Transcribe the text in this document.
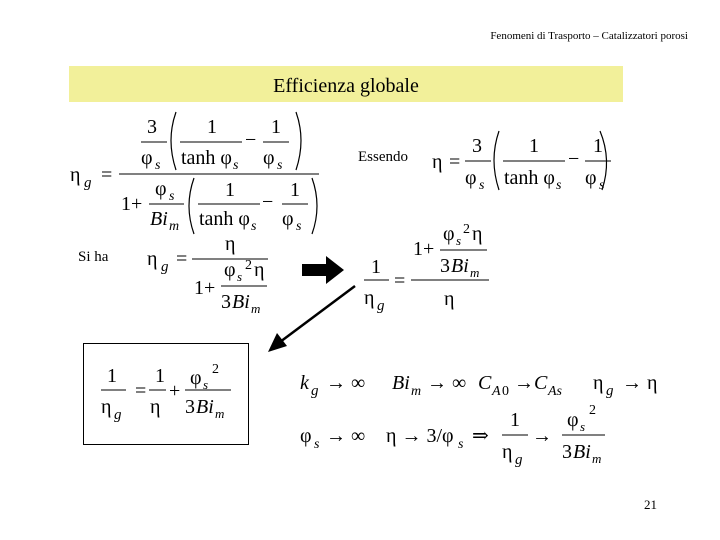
Fenomeni di Trasporto – Catalizzatori porosi
Efficienza globale
Essendo
Si ha
η g =
3
φ s
1
tanh φ s
−
1
φ s
1+
φ s
Bi m
1
tanh φ s
−
1
φ s
η =
3
φ s
1
tanh φ s
−
1
φ s
η g =
η
1+
φ s
2 η
3 Bi m
1
η g
=
1+
φ s
2 η
3 Bi m
η
1
η g
=
1
η
+
φ s
2
3 Bi m
k g → ∞ Bi m → ∞ C A 0 → C As η g → η
φ s → ∞ η → 3/φ s ⇒
1
η g
→
φ s
2
3 Bi m
21
